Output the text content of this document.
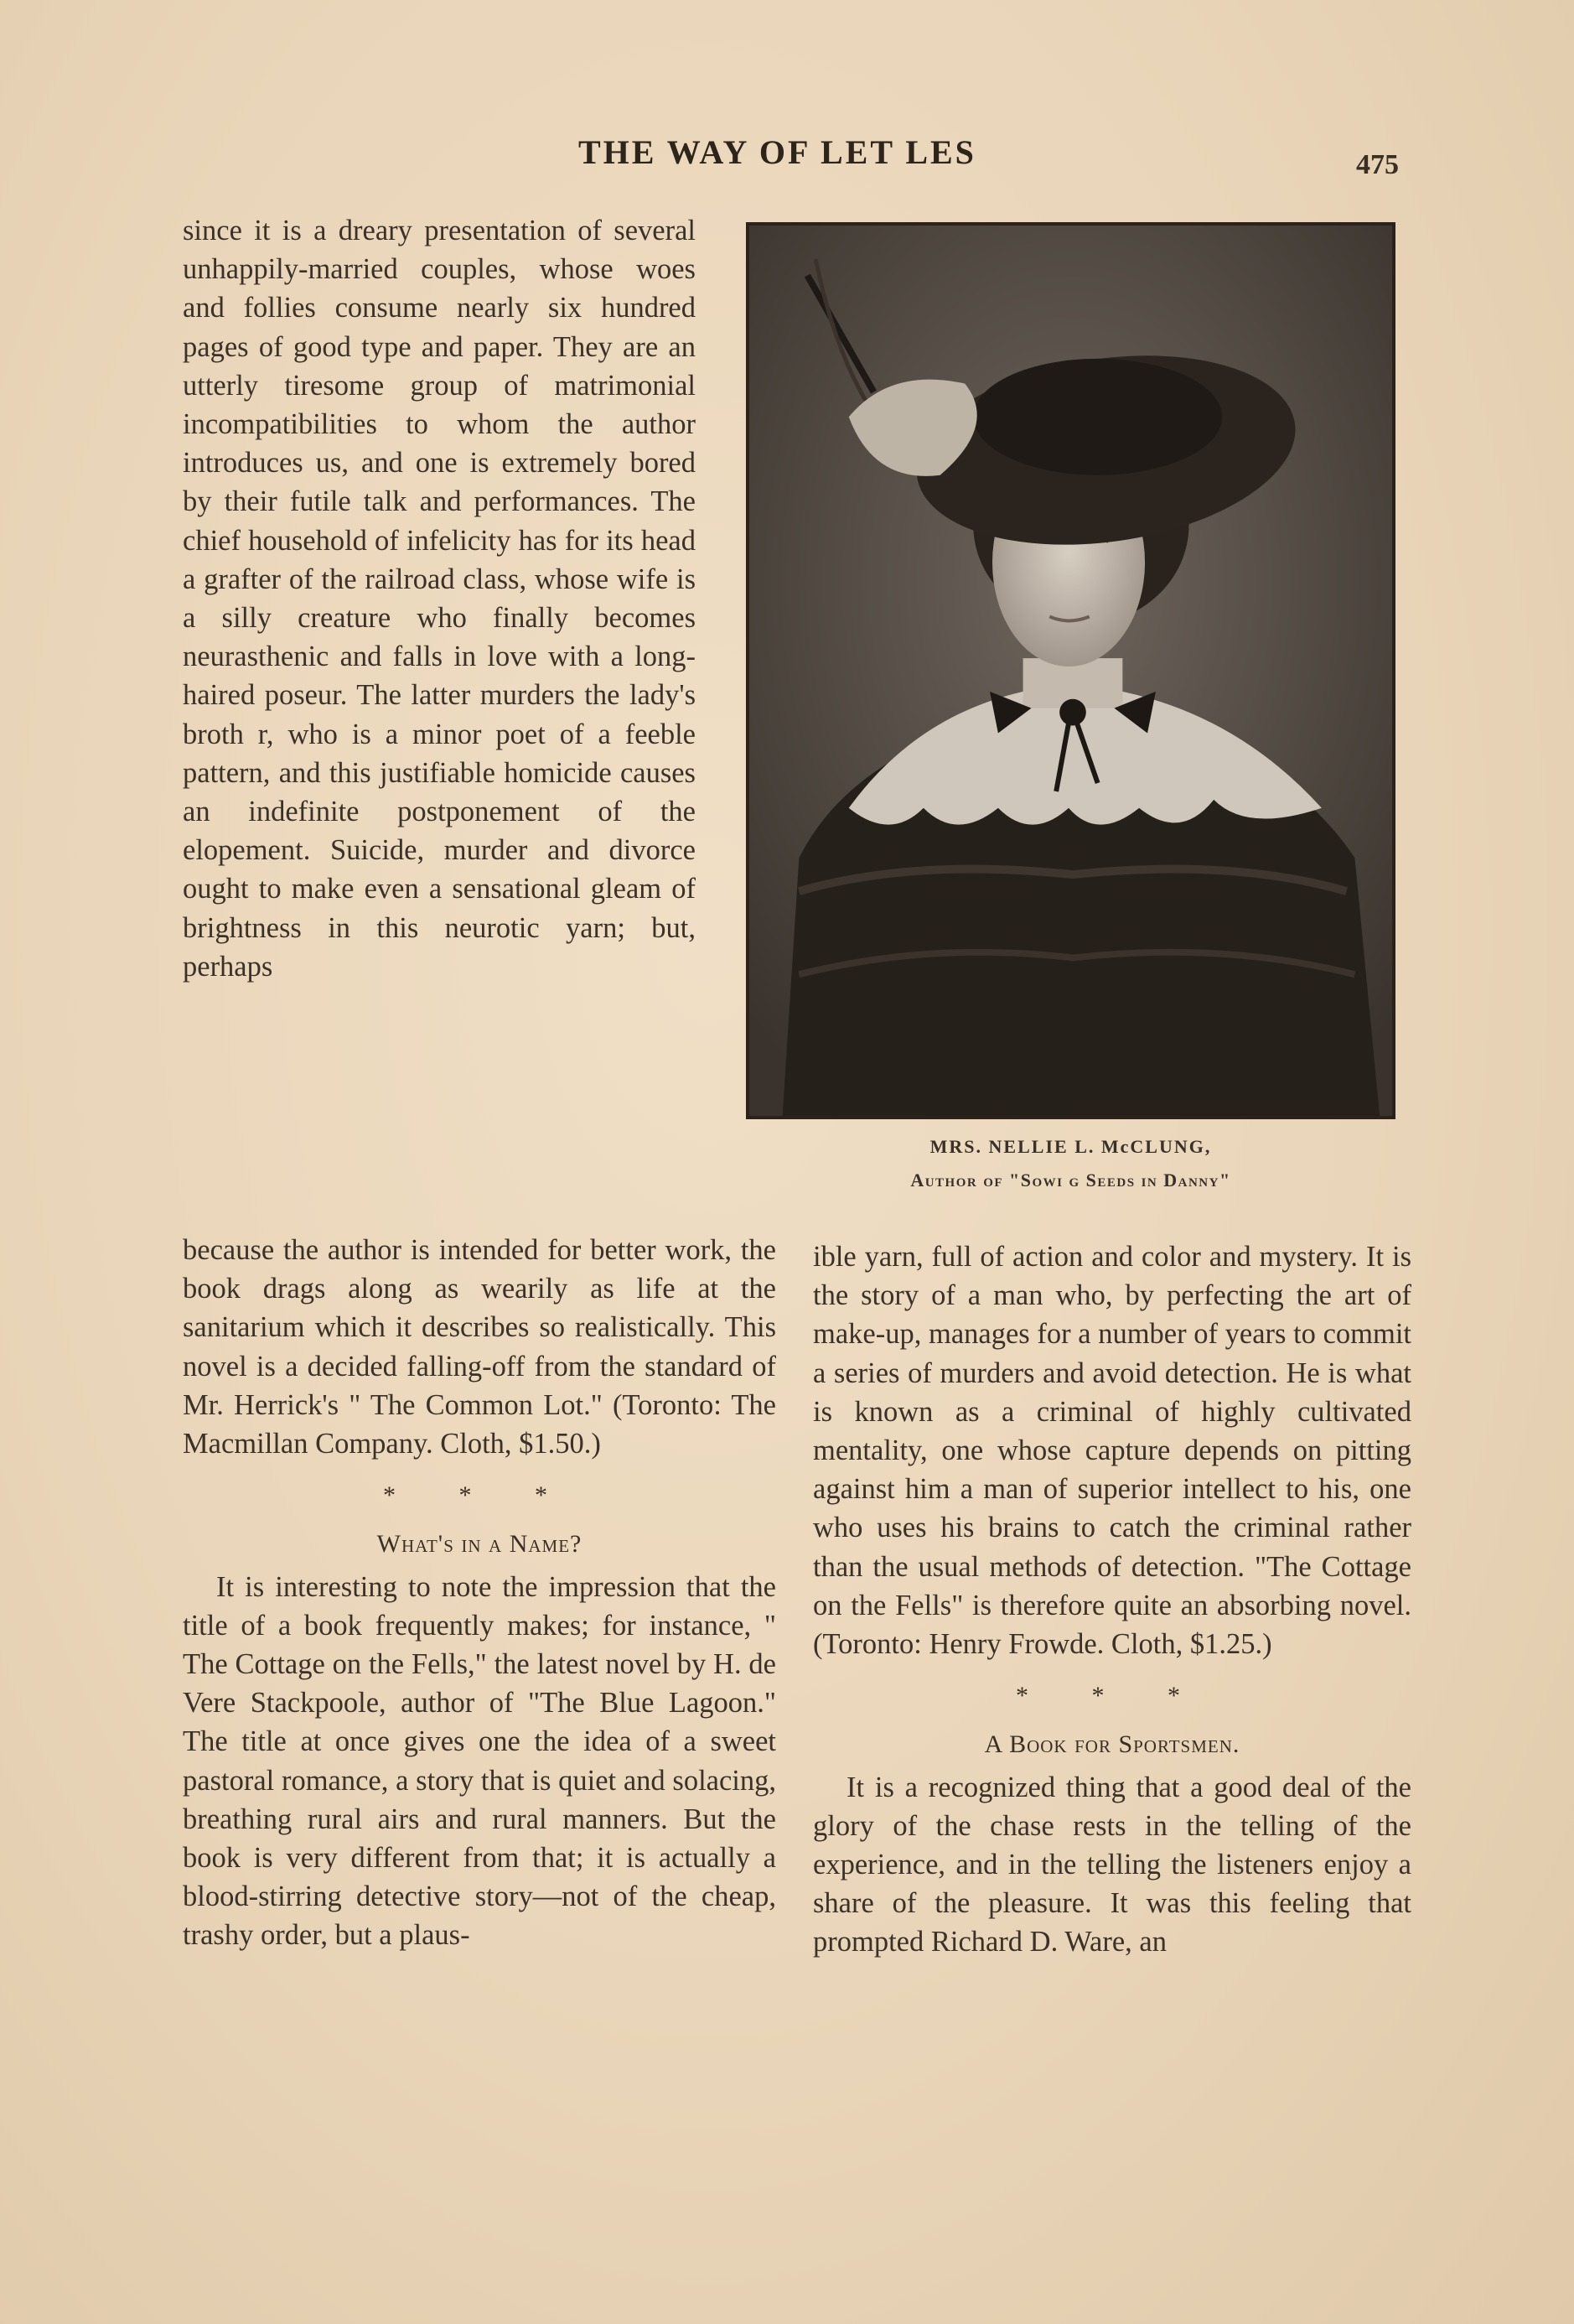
THE WAY OF LET LES	475

since it is a dreary presentation of several unhappily-married couples, whose woes and follies consume nearly six hundred pages of good type and paper. They are an utterly tiresome group of matrimonial incompatibilities to whom the author introduces us, and one is extremely bored by their futile talk and performances. The chief household of infelicity has for its head a grafter of the railroad class, whose wife is a silly creature who finally becomes neurasthenic and falls in love with a long-haired poseur. The latter murders the lady's broth r, who is a minor poet of a feeble pattern, and this justifiable homicide causes an indefinite postponement of the elopement. Suicide, murder and divorce ought to make even a sensational gleam of brightness in this neurotic yarn; but, perhaps

MRS. NELLIE L. McCLUNG,
Author of "Sowi g Seeds in Danny"

because the author is intended for better work, the book drags along as wearily as life at the sanitarium which it describes so realistically. This novel is a decided falling-off from the standard of Mr. Herrick's " The Common Lot." (Toronto: The Macmillan Company. Cloth, $1.50.)

* * *
What's in a Name?

It is interesting to note the impression that the title of a book frequently makes; for instance, " The Cottage on the Fells," the latest novel by H. de Vere Stackpoole, author of "The Blue Lagoon." The title at once gives one the idea of a sweet pastoral romance, a story that is quiet and solacing, breathing rural airs and rural manners. But the book is very different from that; it is actually a blood-stirring detective story—not of the cheap, trashy order, but a plaus-

ible yarn, full of action and color and mystery. It is the story of a man who, by perfecting the art of make-up, manages for a number of years to commit a series of murders and avoid detection. He is what is known as a criminal of highly cultivated mentality, one whose capture depends on pitting against him a man of superior intellect to his, one who uses his brains to catch the criminal rather than the usual methods of detection. "The Cottage on the Fells" is therefore quite an absorbing novel. (Toronto: Henry Frowde. Cloth, $1.25.)

* * *
A Book for Sportsmen.

It is a recognized thing that a good deal of the glory of the chase rests in the telling of the experience, and in the telling the listeners enjoy a share of the pleasure. It was this feeling that prompted Richard D. Ware, an
